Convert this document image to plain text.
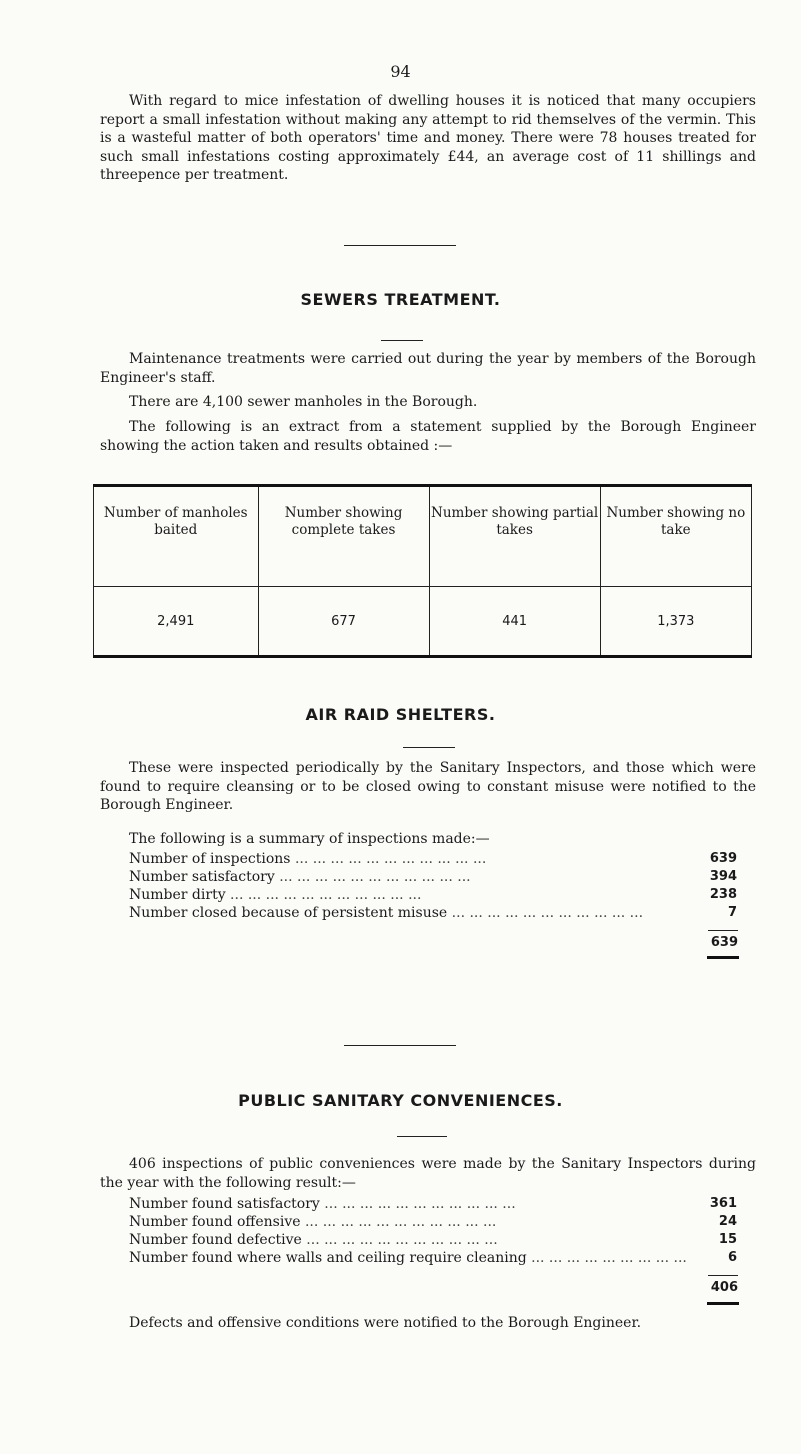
94

With regard to mice infestation of dwelling houses it is noticed that many occupiers report a small infestation without making any attempt to rid themselves of the vermin. This is a wasteful matter of both operators' time and money. There were 78 houses treated for such small infestations costing approximately £44, an average cost of 11 shillings and threepence per treatment.

SEWERS TREATMENT.

Maintenance treatments were carried out during the year by members of the Borough Engineer's staff.

There are 4,100 sewer manholes in the Borough.

The following is an extract from a statement supplied by the Borough Engineer showing the action taken and results obtained :—

Number of manholes baited	Number showing complete takes	Number showing partial takes	Number showing no take
2,491	677	441	1,373
AIR RAID SHELTERS.

These were inspected periodically by the Sanitary Inspectors, and those which were found to require cleansing or to be closed owing to constant misuse were notified to the Borough Engineer.

The following is a summary of inspections made:—

Number of inspections ... .	639
Number satisfactory ... .	394
Number dirty ... .	238
Number closed because of persistent misuse ... .	7
639
PUBLIC SANITARY CONVENIENCES.

406 inspections of public conveniences were made by the Sanitary Inspectors during the year with the following result:—

Number found satisfactory ... .	361
Number found offensive ... .	24
Number found defective ... .	15
Number found where walls and ceiling require cleaning ... .	6
406

Defects and offensive conditions were notified to the Borough Engineer.
